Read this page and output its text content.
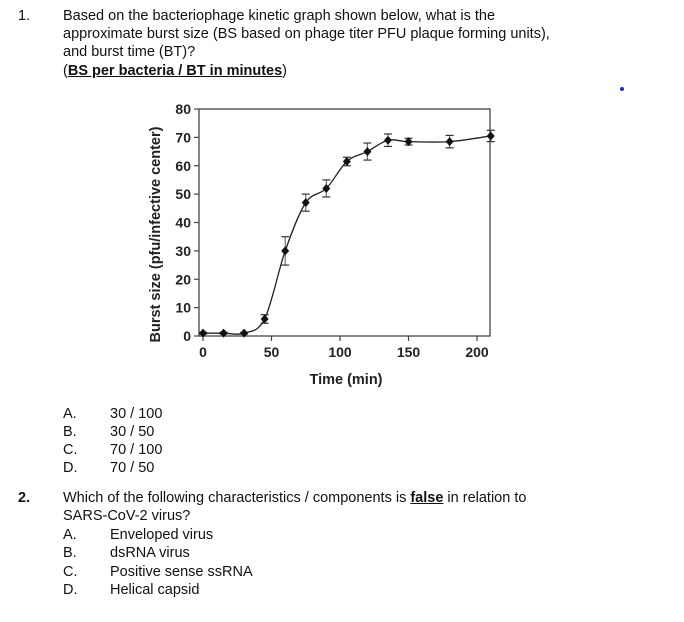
1. Based on the bacteriophage kinetic graph shown below, what is the
approximate burst size (BS based on phage titer PFU plaque forming units),
and burst time (BT)?
(BS per bacteria / BT in minutes)
0
10
20
30
40
50
60
70
80
0	50	100	150	200
Time (min)
Burst size (pfu/infective center)
A. 30 / 100
B. 30 / 50
C. 70 / 100
D. 70 / 50
2. Which of the following characteristics / components is false in relation to
SARS-CoV-2 virus?
A. Enveloped virus
B. dsRNA virus
C. Positive sense ssRNA
D. Helical capsid
